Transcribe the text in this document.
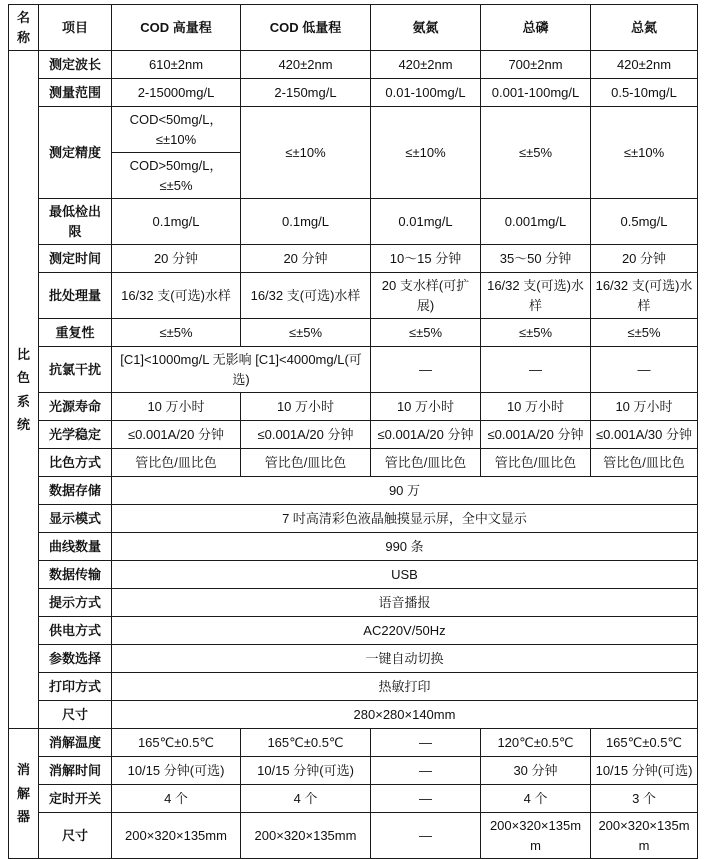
名称	项目	COD 高量程	COD 低量程	氨氮	总磷	总氮
比色系统	测定波长	610±2nm	420±2nm	420±2nm	700±2nm	420±2nm
	测量范围	2-15000mg/L	2-150mg/L	0.01-100mg/L	0.001-100mg/L	0.5-10mg/L
	测定精度	COD<50mg/L，≤±10%	≤±10%	≤±10%	≤±5%	≤±10%
		COD>50mg/L，≤±5%				
	最低检出限	0.1mg/L	0.1mg/L	0.01mg/L	0.001mg/L	0.5mg/L
	测定时间	20 分钟	20 分钟	10～15 分钟	35～50 分钟	20 分钟
	批处理量	16/32 支(可选)水样	16/32 支(可选)水样	20 支水样(可扩展)	16/32 支(可选)水样	16/32 支(可选)水样
	重复性	≤±5%	≤±5%	≤±5%	≤±5%	≤±5%
	抗氯干扰	[C1]<1000mg/L 无影响 [C1]<4000mg/L(可选)		—	—	—
	光源寿命	10 万小时	10 万小时	10 万小时	10 万小时	10 万小时
	光学稳定	≤0.001A/20 分钟	≤0.001A/20 分钟	≤0.001A/20 分钟	≤0.001A/20 分钟	≤0.001A/30 分钟
	比色方式	管比色/皿比色	管比色/皿比色	管比色/皿比色	管比色/皿比色	管比色/皿比色
	数据存储	90 万				
	显示模式	7 吋高清彩色液晶触摸显示屏，全中文显示				
	曲线数量	990 条				
	数据传输	USB				
	提示方式	语音播报				
	供电方式	AC220V/50Hz				
	参数选择	一键自动切换				
	打印方式	热敏打印				
	尺寸	280×280×140mm				
消解器	消解温度	165℃±0.5℃	165℃±0.5℃	—	120℃±0.5℃	165℃±0.5℃
	消解时间	10/15 分钟(可选)	10/15 分钟(可选)	—	30 分钟	10/15 分钟(可选)
	定时开关	4 个	4 个	—	4 个	3 个
	尺寸	200×320×135mm	200×320×135mm	—	200×320×135mm	200×320×135mm
